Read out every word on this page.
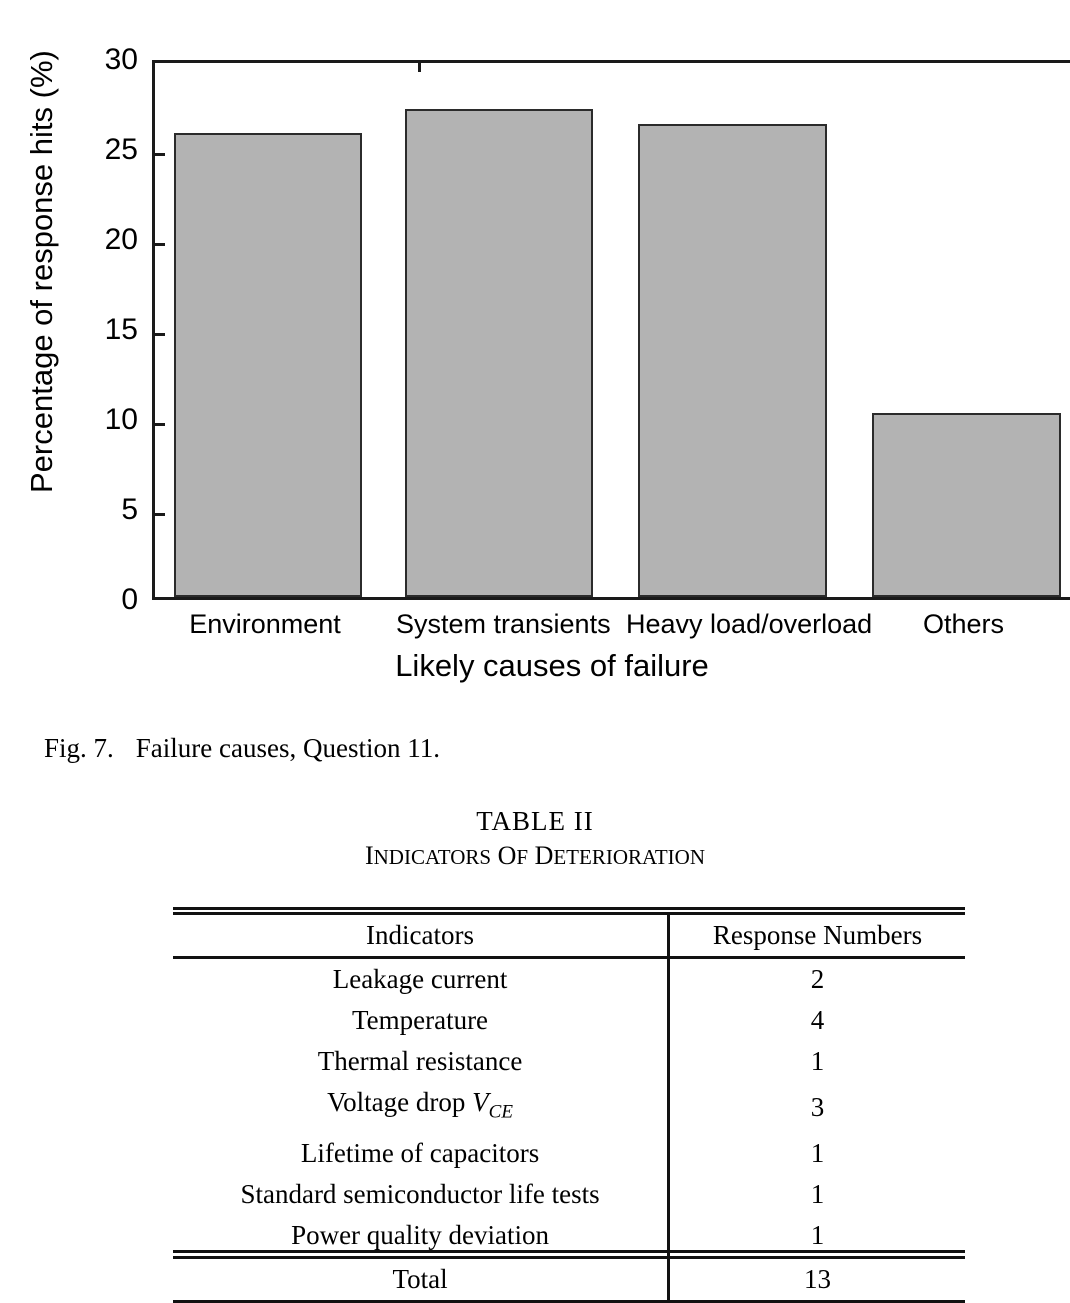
Percentage of response hits (%)	30
25
20
15
10
5
0
Environment	System transients Heavy load/overload	Others
Likely causes of failure
Fig. 7. Failure causes, Question 11.
TABLE II
INDICATORS OF DETERIORATION
Indicators	Response Numbers
Leakage current	2
Temperature	4
Thermal resistance	1
Voltage drop $V_{CE}$	3
Lifetime of capacitors	1
Standard semiconductor life tests	1
Power quality deviation	1
Total	13
